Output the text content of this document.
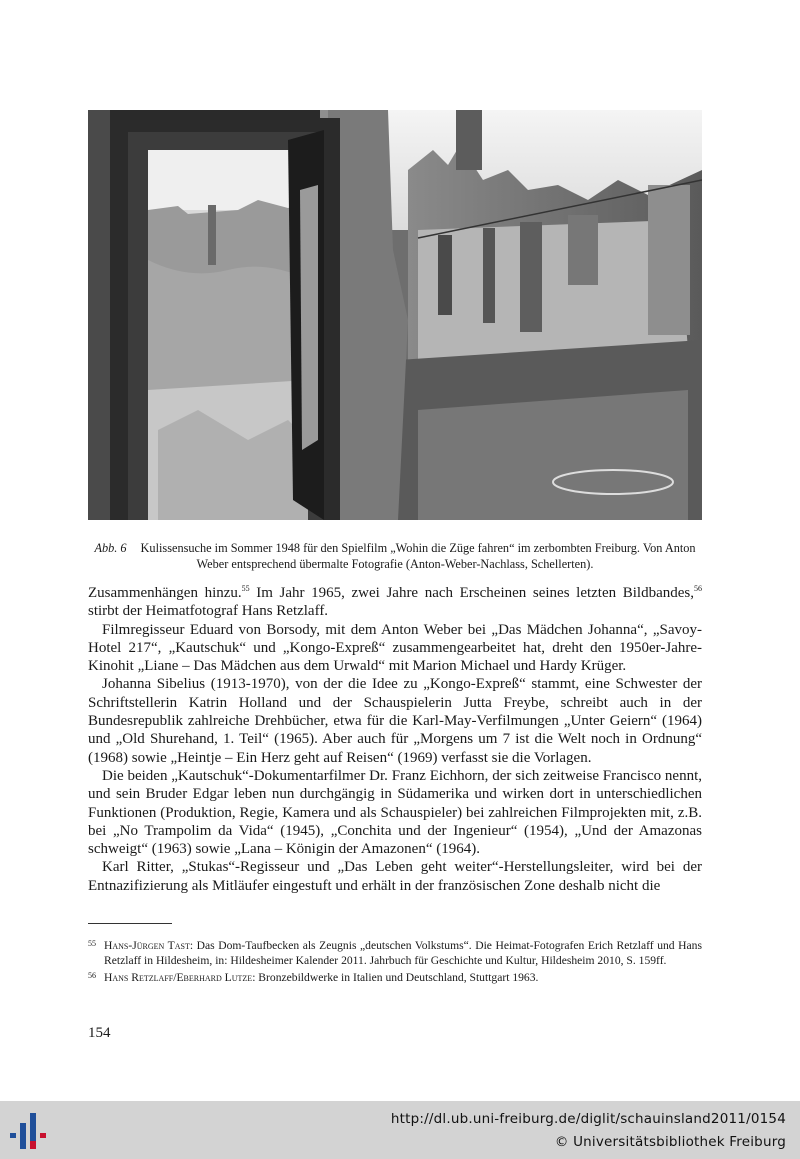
Abb. 6 Kulissensuche im Sommer 1948 für den Spielfilm „Wohin die Züge fahren“ im zerbombten Freiburg. Von Anton Weber entsprechend übermalte Fotografie (Anton-Weber-Nachlass, Schellerten).

Zusammenhängen hinzu.$^{55}$ Im Jahr 1965, zwei Jahre nach Erscheinen seines letzten Bildbandes,$^{56}$ stirbt der Heimatfotograf Hans Retzlaff.

Filmregisseur Eduard von Borsody, mit dem Anton Weber bei „Das Mädchen Johanna“, „Savoy-Hotel 217“, „Kautschuk“ und „Kongo-Expreß“ zusammengearbeitet hat, dreht den 1950er-Jahre-Kinohit „Liane – Das Mädchen aus dem Urwald“ mit Marion Michael und Hardy Krüger.

Johanna Sibelius (1913-1970), von der die Idee zu „Kongo-Expreß“ stammt, eine Schwester der Schriftstellerin Katrin Holland und der Schauspielerin Jutta Freybe, schreibt auch in der Bundesrepublik zahlreiche Drehbücher, etwa für die Karl-May-Verfilmungen „Unter Geiern“ (1964) und „Old Shurehand, 1. Teil“ (1965). Aber auch für „Morgens um 7 ist die Welt noch in Ordnung“ (1968) sowie „Heintje – Ein Herz geht auf Reisen“ (1969) verfasst sie die Vorlagen.

Die beiden „Kautschuk“-Dokumentarfilmer Dr. Franz Eichhorn, der sich zeitweise Francisco nennt, und sein Bruder Edgar leben nun durchgängig in Südamerika und wirken dort in unterschiedlichen Funktionen (Produktion, Regie, Kamera und als Schauspieler) bei zahlreichen Filmprojekten mit, z.B. bei „No Trampolim da Vida“ (1945), „Conchita und der Ingenieur“ (1954), „Und der Amazonas schweigt“ (1963) sowie „Lana – Königin der Amazonen“ (1964).

Karl Ritter, „Stukas“-Regisseur und „Das Leben geht weiter“-Herstellungsleiter, wird bei der Entnazifizierung als Mitläufer eingestuft und erhält in der französischen Zone deshalb nicht die

55 Hans-Jürgen Tast: Das Dom-Taufbecken als Zeugnis „deutschen Volkstums“. Die Heimat-Fotografen Erich Retzlaff und Hans Retzlaff in Hildesheim, in: Hildesheimer Kalender 2011. Jahrbuch für Geschichte und Kultur, Hildesheim 2010, S. 159ff.
56 Hans Retzlaff/Eberhard Lutze: Bronzebildwerke in Italien und Deutschland, Stuttgart 1963.
154
http://dl.ub.uni-freiburg.de/diglit/schauinsland2011/0154
© Universitätsbibliothek Freiburg
